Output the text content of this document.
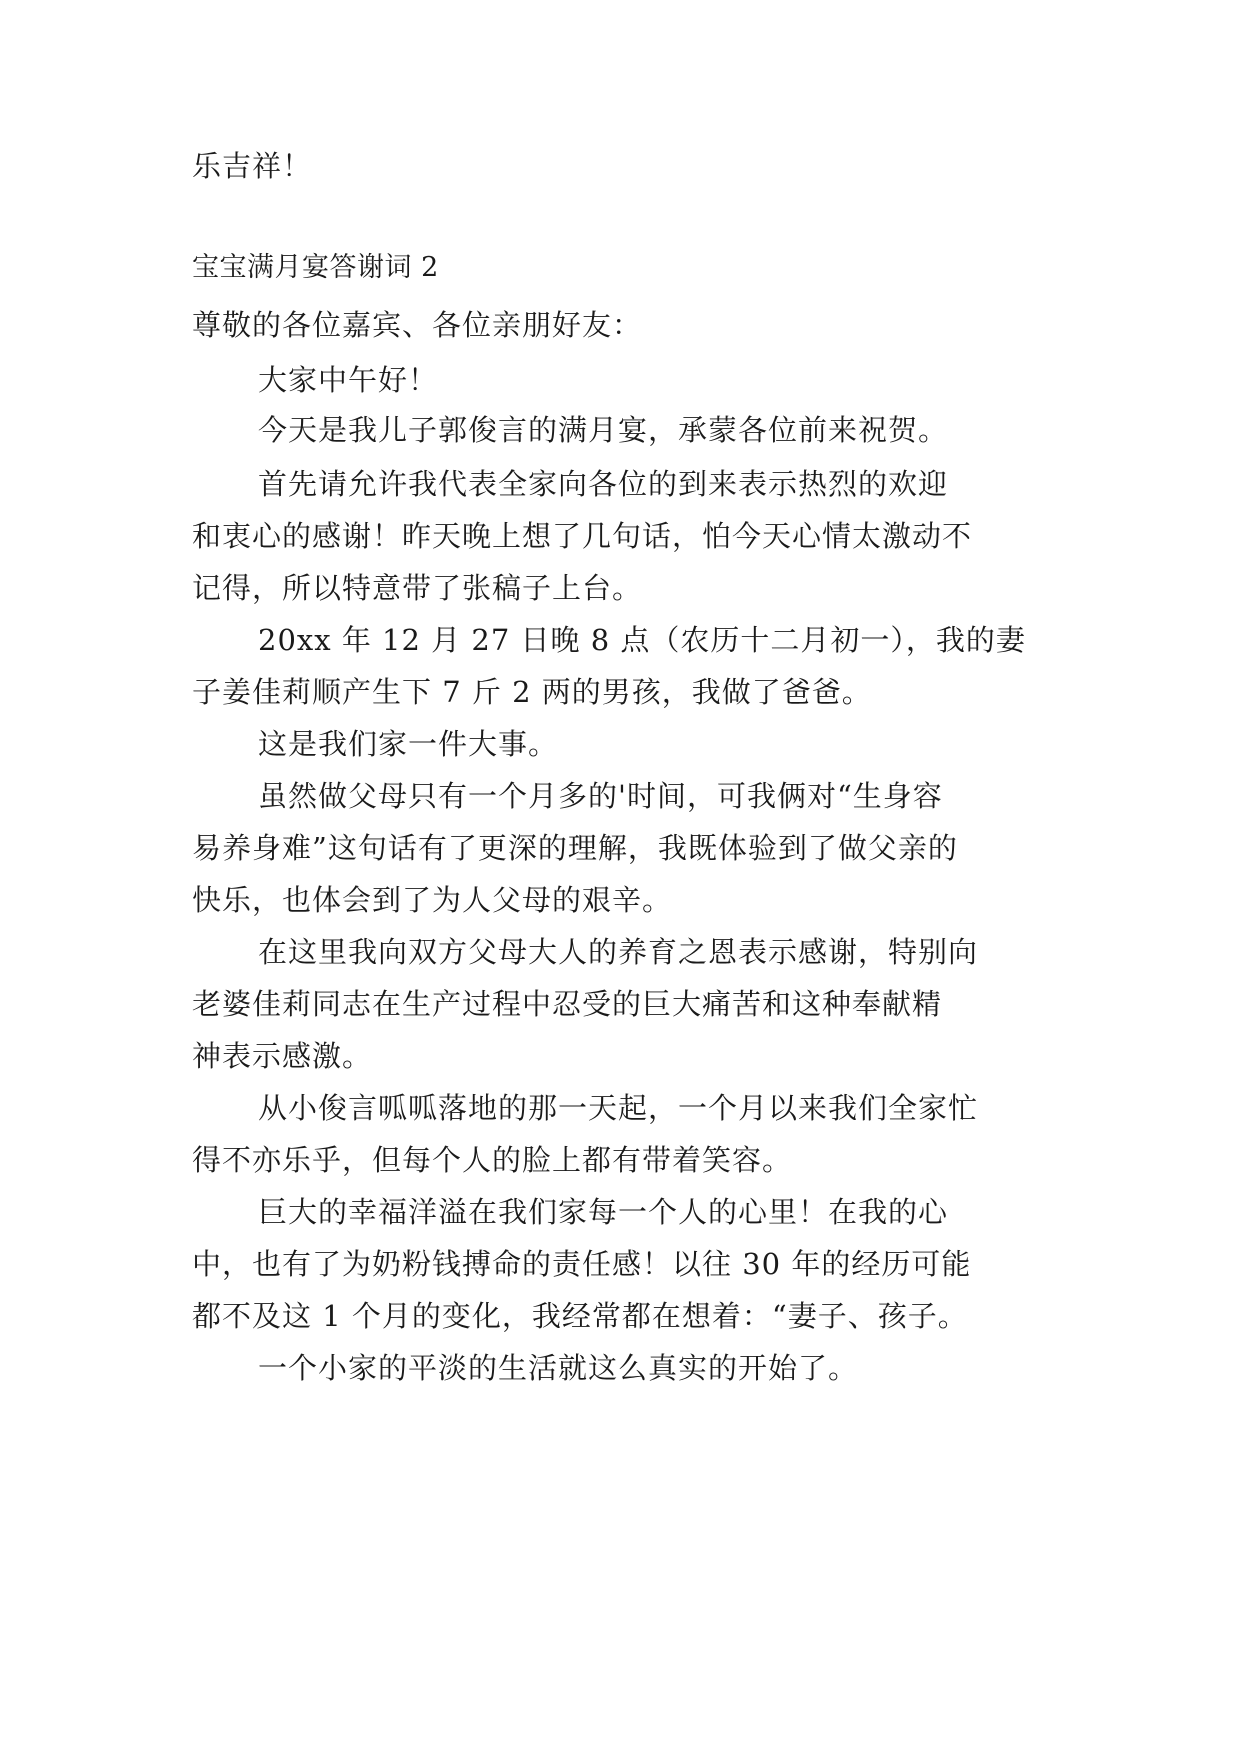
乐吉祥！
宝宝满月宴答谢词 2
尊敬的各位嘉宾、各位亲朋好友：
大家中午好！
今天是我儿子郭俊言的满月宴，承蒙各位前来祝贺。
首先请允许我代表全家向各位的到来表示热烈的欢迎
和衷心的感谢！昨天晚上想了几句话，怕今天心情太激动不
记得，所以特意带了张稿子上台。
20xx 年 12 月 27 日晚 8 点（农历十二月初一），我的妻
子姜佳莉顺产生下 7 斤 2 两的男孩，我做了爸爸。
这是我们家一件大事。
虽然做父母只有一个月多的'时间，可我俩对“生身容
易养身难”这句话有了更深的理解，我既体验到了做父亲的
快乐，也体会到了为人父母的艰辛。
在这里我向双方父母大人的养育之恩表示感谢，特别向
老婆佳莉同志在生产过程中忍受的巨大痛苦和这种奉献精
神表示感激。
从小俊言呱呱落地的那一天起，一个月以来我们全家忙
得不亦乐乎，但每个人的脸上都有带着笑容。
巨大的幸福洋溢在我们家每一个人的心里！在我的心
中，也有了为奶粉钱搏命的责任感！以往 30 年的经历可能
都不及这 1 个月的变化，我经常都在想着：“妻子、孩子。
一个小家的平淡的生活就这么真实的开始了。
